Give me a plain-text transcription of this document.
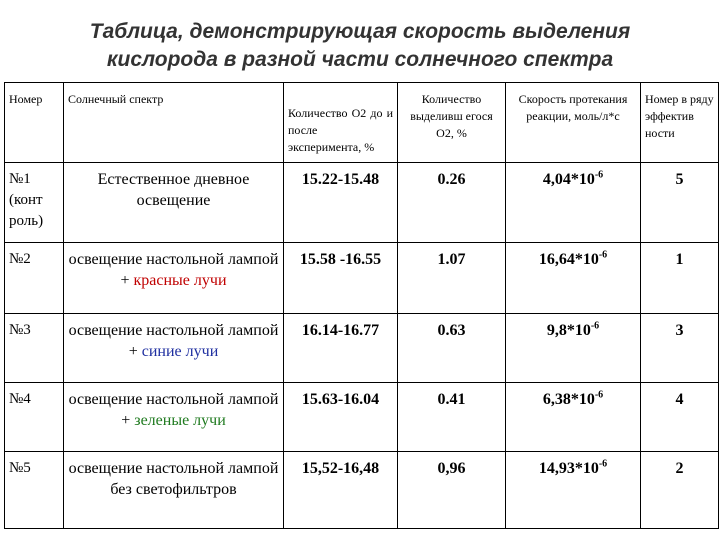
Таблица, демонстрирующая скорость выделения
кислорода в разной части солнечного спектра
Номер	Солнечный спектр	Количество О2 до и после эксперимента, %	Количество выделивш егося О2, %	Скорость протекания реакции, моль/л*с	Номер в ряду эффектив ности
№1 (конт роль)	Естественное дневное освещение	15.22-15.48	0.26	$4,04*10^{-6}$	5
№2	освещение настольной лампой + красные лучи	15.58 -16.55	1.07	$16,64*10^{-6}$	1
№3	освещение настольной лампой + синие лучи	16.14-16.77	0.63	$9,8*10^{-6}$	3
№4	освещение настольной лампой + зеленые лучи	15.63-16.04	0.41	$6,38*10^{-6}$	4
№5	освещение настольной лампой без светофильтров	15,52-16,48	0,96	$14,93*10^{-6}$	2
